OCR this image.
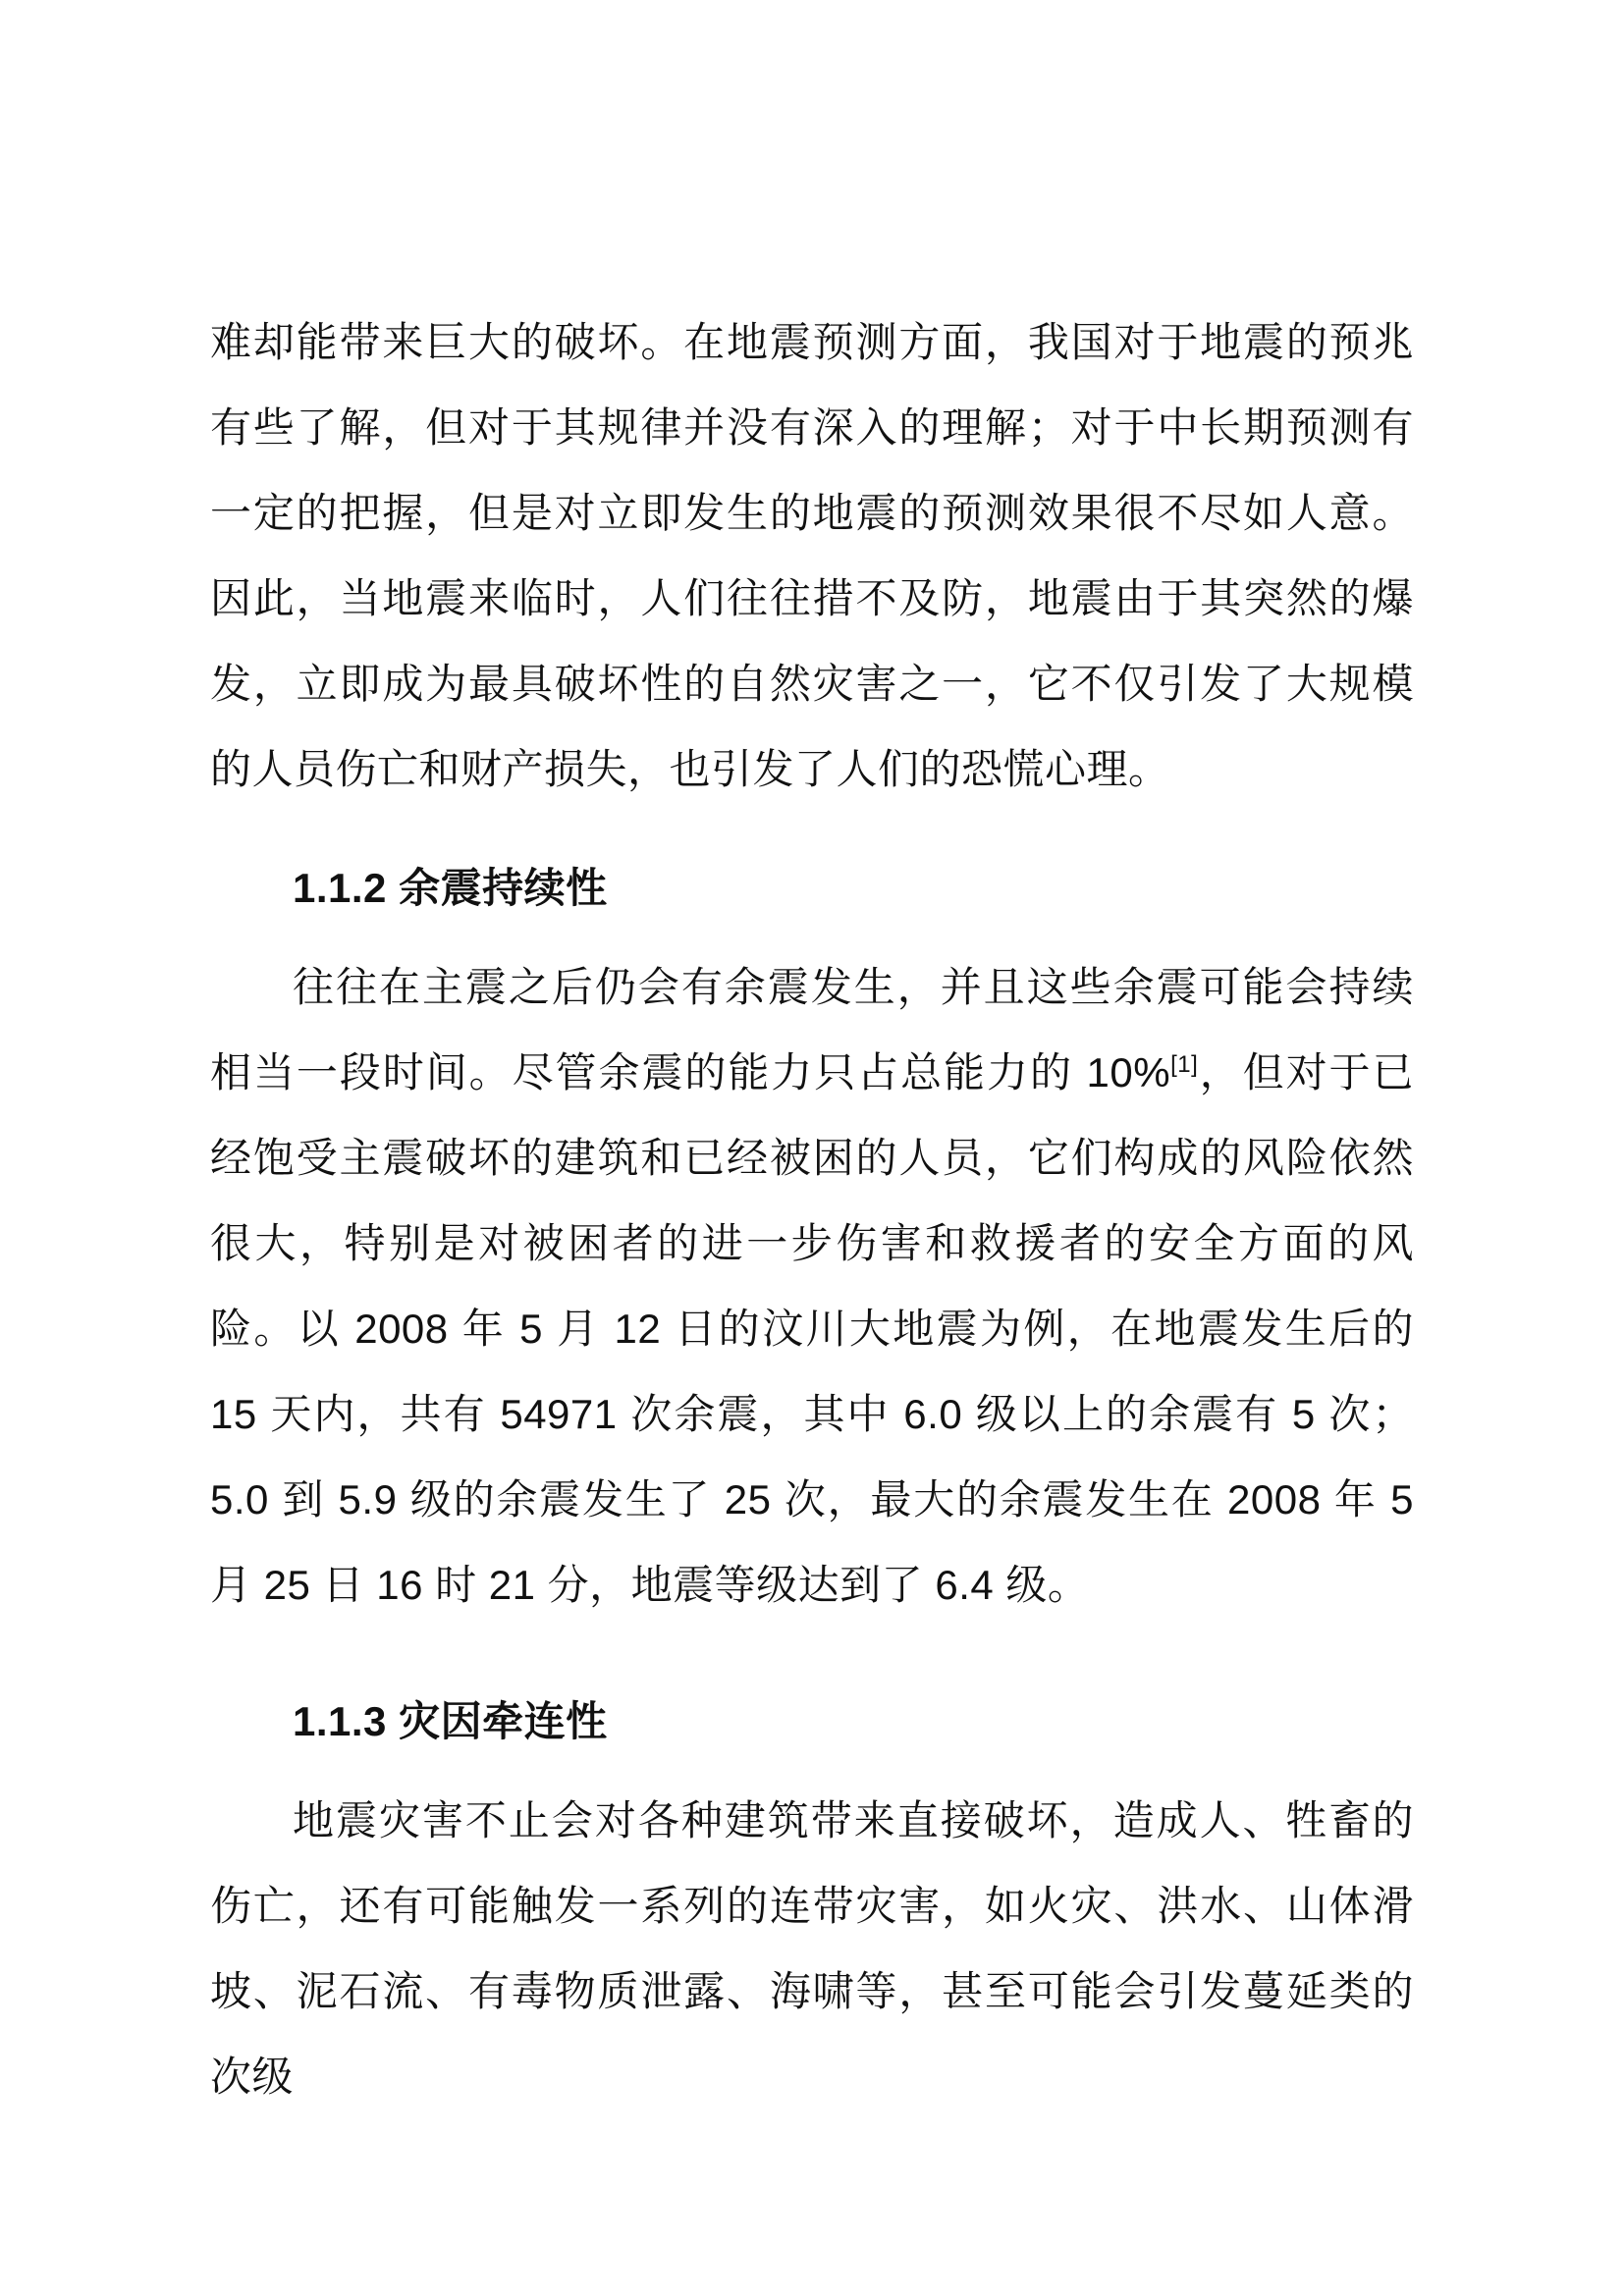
难却能带来巨大的破坏。在地震预测方面，我国对于地震的预兆有些了解，但对于其规律并没有深入的理解；对于中长期预测有一定的把握，但是对立即发生的地震的预测效果很不尽如人意。因此，当地震来临时，人们往往措不及防，地震由于其突然的爆发，立即成为最具破坏性的自然灾害之一，它不仅引发了大规模的人员伤亡和财产损失，也引发了人们的恐慌心理。

1.1.2 余震持续性

往往在主震之后仍会有余震发生，并且这些余震可能会持续相当一段时间。尽管余震的能力只占总能力的 10%[1]，但对于已经饱受主震破坏的建筑和已经被困的人员，它们构成的风险依然很大，特别是对被困者的进一步伤害和救援者的安全方面的风险。以 2008 年 5 月 12 日的汶川大地震为例，在地震发生后的 15 天内，共有 54971 次余震，其中 6.0 级以上的余震有 5 次；5.0 到 5.9 级的余震发生了 25 次，最大的余震发生在 2008 年 5 月 25 日 16 时 21 分，地震等级达到了 6.4 级。

1.1.3 灾因牵连性

地震灾害不止会对各种建筑带来直接破坏，造成人、牲畜的伤亡，还有可能触发一系列的连带灾害，如火灾、洪水、山体滑坡、泥石流、有毒物质泄露、海啸等，甚至可能会引发蔓延类的次级
